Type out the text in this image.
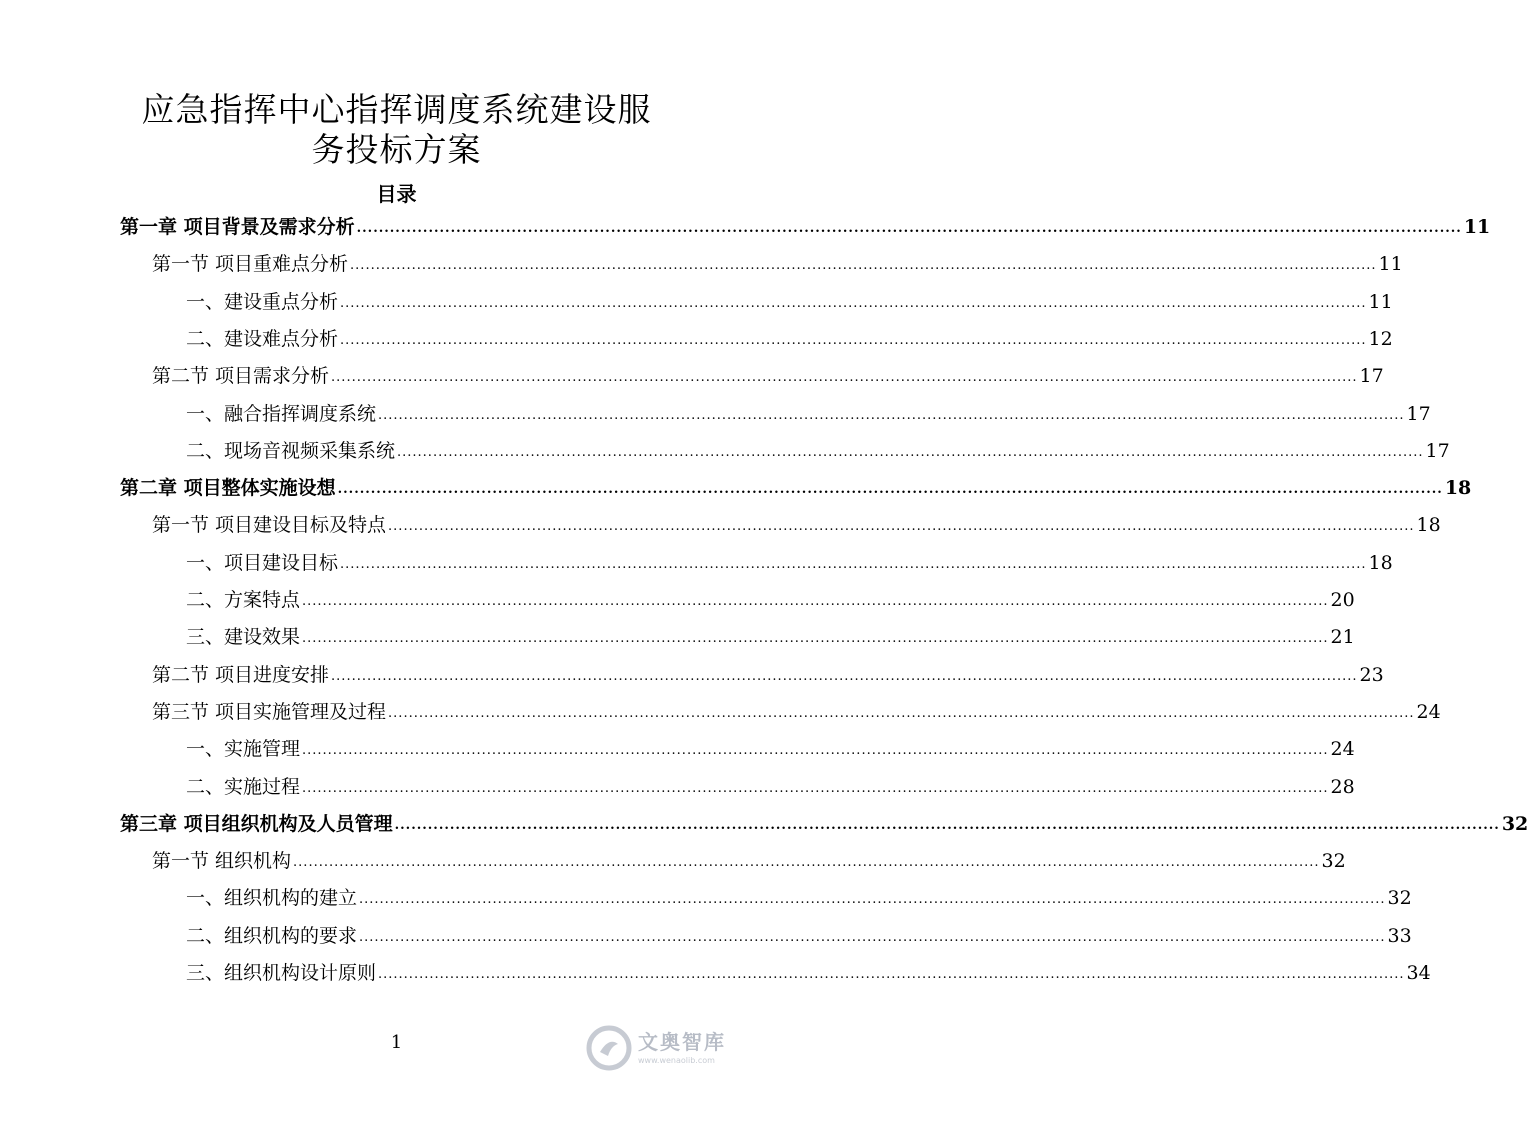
应急指挥中心指挥调度系统建设服
务投标方案
目录
第一章 项目背景及需求分析 ........................................................................................................................................................................................................ 11
第一节 项目重难点分析 ........................................................................................................................................................................................................ 11
一、建设重点分析 ........................................................................................................................................................................................................ 11
二、建设难点分析 ........................................................................................................................................................................................................ 12
第二节 项目需求分析 ........................................................................................................................................................................................................ 17
一、融合指挥调度系统 ........................................................................................................................................................................................................ 17
二、现场音视频采集系统 ........................................................................................................................................................................................................ 17
第二章 项目整体实施设想 ........................................................................................................................................................................................................ 18
第一节 项目建设目标及特点 ........................................................................................................................................................................................................ 18
一、项目建设目标 ........................................................................................................................................................................................................ 18
二、方案特点 ........................................................................................................................................................................................................ 20
三、建设效果 ........................................................................................................................................................................................................ 21
第二节 项目进度安排 ........................................................................................................................................................................................................ 23
第三节 项目实施管理及过程 ........................................................................................................................................................................................................ 24
一、实施管理 ........................................................................................................................................................................................................ 24
二、实施过程 ........................................................................................................................................................................................................ 28
第三章 项目组织机构及人员管理 ........................................................................................................................................................................................................ 32
第一节 组织机构 ........................................................................................................................................................................................................ 32
一、组织机构的建立 ........................................................................................................................................................................................................ 32
二、组织机构的要求 ........................................................................................................................................................................................................ 33
三、组织机构设计原则 ........................................................................................................................................................................................................ 34
1	文奥智库
www.wenaolib.com
